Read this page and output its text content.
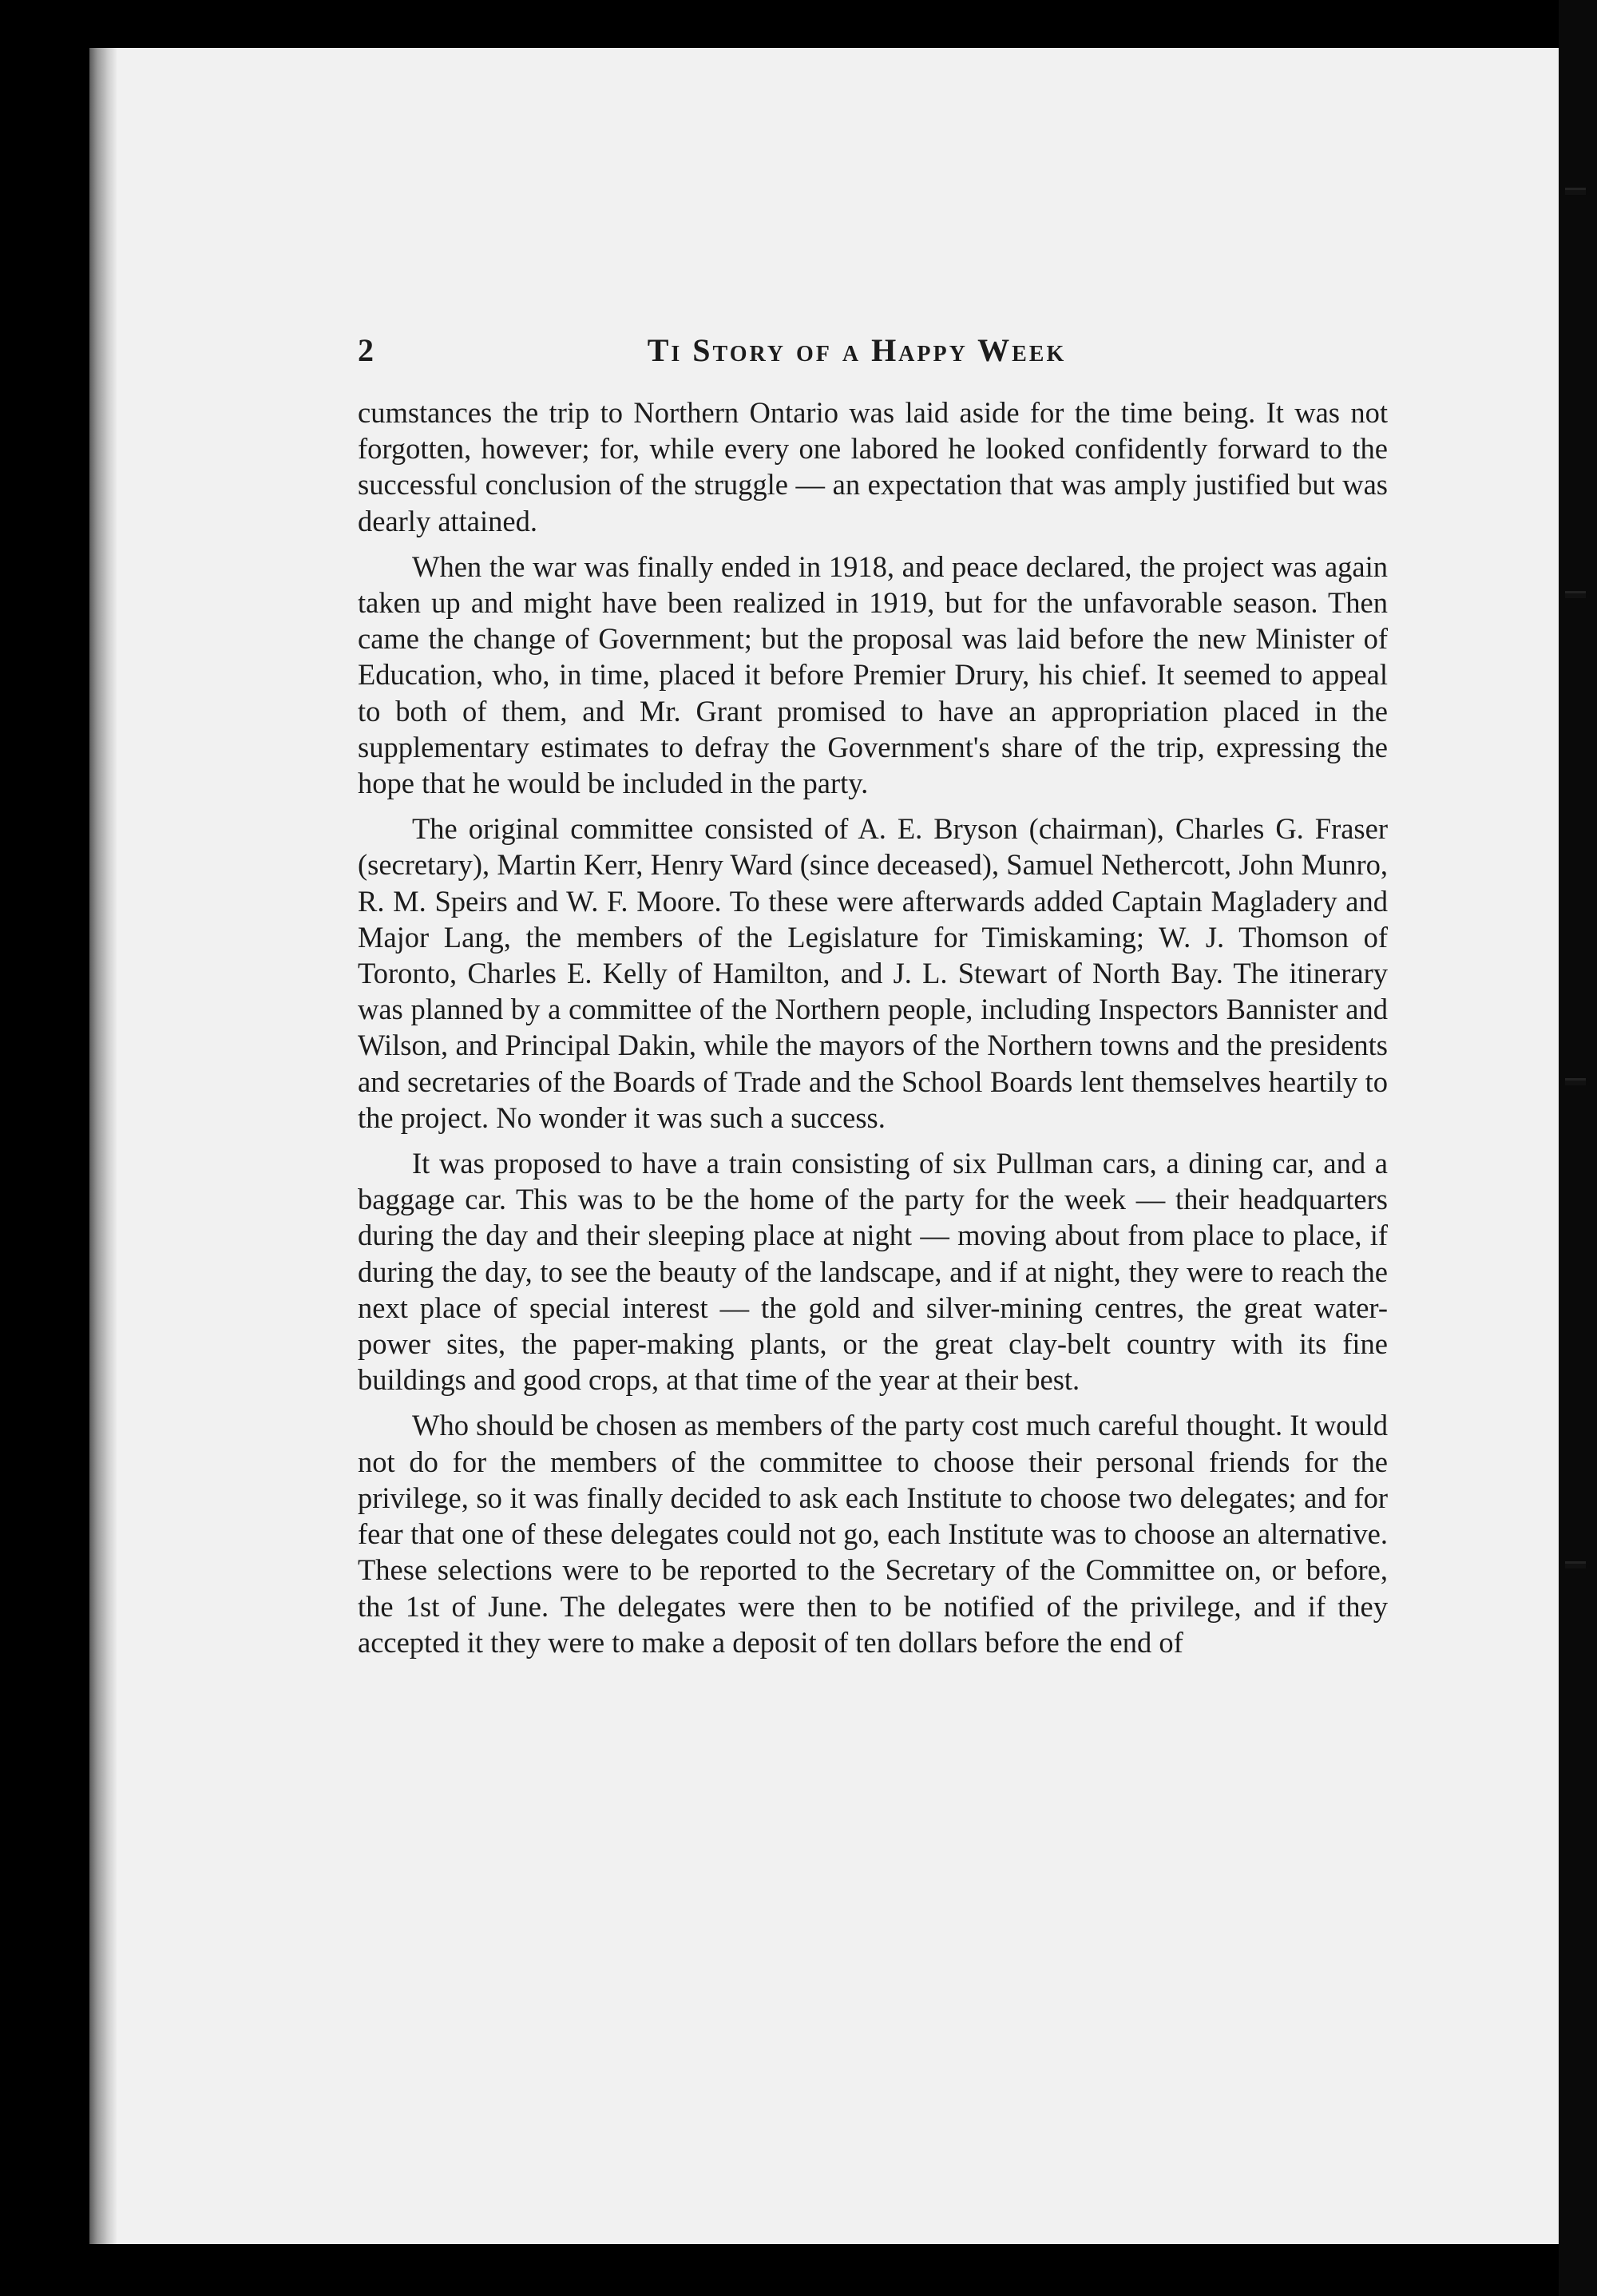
2	Tı Story of a Happy Week

cumstances the trip to Northern Ontario was laid aside for the time being. It was not forgotten, however; for, while every one labored he looked confidently forward to the successful conclusion of the struggle — an expectation that was amply justified but was dearly attained.

When the war was finally ended in 1918, and peace declared, the project was again taken up and might have been realized in 1919, but for the unfavorable season. Then came the change of Government; but the proposal was laid before the new Minister of Education, who, in time, placed it before Premier Drury, his chief. It seemed to appeal to both of them, and Mr. Grant promised to have an appropriation placed in the supplementary estimates to defray the Government's share of the trip, expressing the hope that he would be included in the party.

The original committee consisted of A. E. Bryson (chairman), Charles G. Fraser (secretary), Martin Kerr, Henry Ward (since deceased), Samuel Nethercott, John Munro, R. M. Speirs and W. F. Moore. To these were afterwards added Captain Magladery and Major Lang, the members of the Legislature for Timiskaming; W. J. Thomson of Toronto, Charles E. Kelly of Hamilton, and J. L. Stewart of North Bay. The itinerary was planned by a committee of the Northern people, including Inspectors Bannister and Wilson, and Principal Dakin, while the mayors of the Northern towns and the presidents and secretaries of the Boards of Trade and the School Boards lent themselves heartily to the project. No wonder it was such a success.

It was proposed to have a train consisting of six Pullman cars, a dining car, and a baggage car. This was to be the home of the party for the week — their headquarters during the day and their sleeping place at night — moving about from place to place, if during the day, to see the beauty of the landscape, and if at night, they were to reach the next place of special interest — the gold and silver-mining centres, the great water-power sites, the paper-making plants, or the great clay-belt country with its fine buildings and good crops, at that time of the year at their best.

Who should be chosen as members of the party cost much careful thought. It would not do for the members of the committee to choose their personal friends for the privilege, so it was finally decided to ask each Institute to choose two delegates; and for fear that one of these delegates could not go, each Institute was to choose an alternative. These selections were to be reported to the Secretary of the Committee on, or before, the 1st of June. The delegates were then to be notified of the privilege, and if they accepted it they were to make a deposit of ten dollars before the end of
